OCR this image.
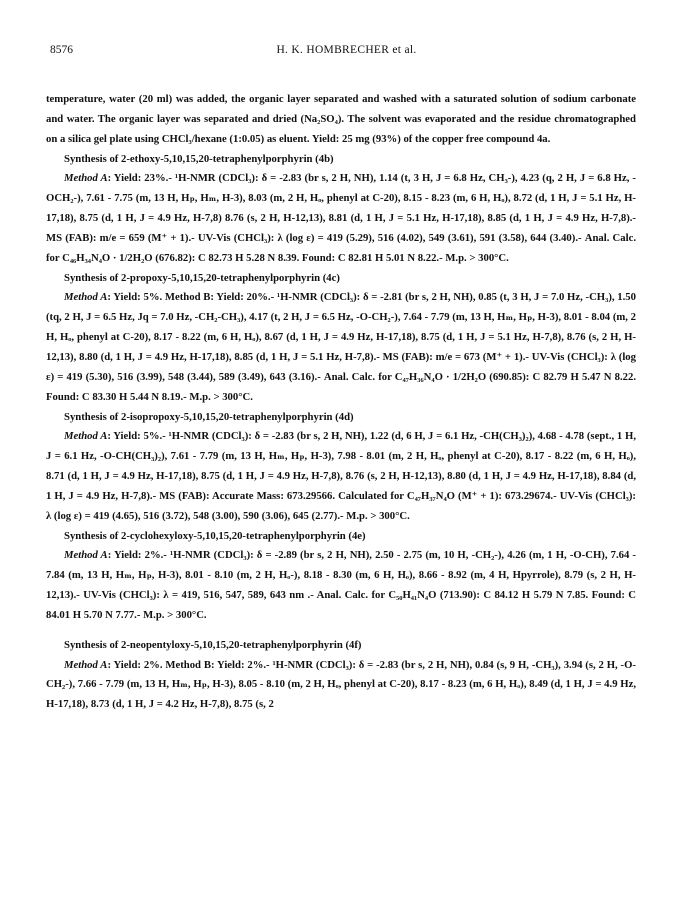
8576	H. K. HOMBRECHER et al.

temperature, water (20 ml) was added, the organic layer separated and washed with a saturated solution of sodium carbonate and water. The organic layer was separated and dried (Na₂SO₄). The solvent was evaporated and the residue chromatographed on a silica gel plate using CHCl₃/hexane (1:0.05) as eluent. Yield: 25 mg (93%) of the copper free compound 4a.

Synthesis of 2-ethoxy-5,10,15,20-tetraphenylporphyrin (4b)

Method A: Yield: 23%.- ¹H-NMR (CDCl₃): δ = -2.83 (br s, 2 H, NH), 1.14 (t, 3 H, J = 6.8 Hz, CH₃-), 4.23 (q, 2 H, J = 6.8 Hz, -OCH₂-), 7.61 - 7.75 (m, 13 H, Hₚ, Hₘ, H-3), 8.03 (m, 2 H, Hₒ, phenyl at C-20), 8.15 - 8.23 (m, 6 H, Hₒ), 8.72 (d, 1 H, J = 5.1 Hz, H-17,18), 8.75 (d, 1 H, J = 4.9 Hz, H-7,8) 8.76 (s, 2 H, H-12,13), 8.81 (d, 1 H, J = 5.1 Hz, H-17,18), 8.85 (d, 1 H, J = 4.9 Hz, H-7,8).- MS (FAB): m/e = 659 (M⁺ + 1).- UV-Vis (CHCl₃): λ (log ε) = 419 (5.29), 516 (4.02), 549 (3.61), 591 (3.58), 644 (3.40).- Anal. Calc. for C₄₆H₃₄N₄O · 1/2H₂O (676.82): C 82.73 H 5.28 N 8.39. Found: C 82.81 H 5.01 N 8.22.- M.p. > 300°C.

Synthesis of 2-propoxy-5,10,15,20-tetraphenylporphyrin (4c)

Method A: Yield: 5%. Method B: Yield: 20%.- ¹H-NMR (CDCl₃): δ = -2.81 (br s, 2 H, NH), 0.85 (t, 3 H, J = 7.0 Hz, -CH₃), 1.50 (tq, 2 H, J = 6.5 Hz, Jq = 7.0 Hz, -CH₂-CH₃), 4.17 (t, 2 H, J = 6.5 Hz, -O-CH₂-), 7.64 - 7.79 (m, 13 H, Hₘ, Hₚ, H-3), 8.01 - 8.04 (m, 2 H, Hₒ, phenyl at C-20), 8.17 - 8.22 (m, 6 H, Hₒ), 8.67 (d, 1 H, J = 4.9 Hz, H-17,18), 8.75 (d, 1 H, J = 5.1 Hz, H-7,8), 8.76 (s, 2 H, H-12,13), 8.80 (d, 1 H, J = 4.9 Hz, H-17,18), 8.85 (d, 1 H, J = 5.1 Hz, H-7,8).- MS (FAB): m/e = 673 (M⁺ + 1).- UV-Vis (CHCl₃): λ (log ε) = 419 (5.30), 516 (3.99), 548 (3.44), 589 (3.49), 643 (3.16).- Anal. Calc. for C₄₇H₃₆N₄O · 1/2H₂O (690.85): C 82.79 H 5.47 N 8.22. Found: C 83.30 H 5.44 N 8.19.- M.p. > 300°C.

Synthesis of 2-isopropoxy-5,10,15,20-tetraphenylporphyrin (4d)

Method A: Yield: 5%.- ¹H-NMR (CDCl₃): δ = -2.83 (br s, 2 H, NH), 1.22 (d, 6 H, J = 6.1 Hz, -CH(CH₃)₂), 4.68 - 4.78 (sept., 1 H, J = 6.1 Hz, -O-CH(CH₃)₂), 7.61 - 7.79 (m, 13 H, Hₘ, Hₚ, H-3), 7.98 - 8.01 (m, 2 H, Hₒ, phenyl at C-20), 8.17 - 8.22 (m, 6 H, Hₒ), 8.71 (d, 1 H, J = 4.9 Hz, H-17,18), 8.75 (d, 1 H, J = 4.9 Hz, H-7,8), 8.76 (s, 2 H, H-12,13), 8.80 (d, 1 H, J = 4.9 Hz, H-17,18), 8.84 (d, 1 H, J = 4.9 Hz, H-7,8).- MS (FAB): Accurate Mass: 673.29566. Calculated for C₄₇H₃₇N₄O (M⁺ + 1): 673.29674.- UV-Vis (CHCl₃): λ (log ε) = 419 (4.65), 516 (3.72), 548 (3.00), 590 (3.06), 645 (2.77).- M.p. > 300°C.

Synthesis of 2-cyclohexyloxy-5,10,15,20-tetraphenylporphyrin (4e)

Method A: Yield: 2%.- ¹H-NMR (CDCl₃): δ = -2.89 (br s, 2 H, NH), 2.50 - 2.75 (m, 10 H, -CH₂-), 4.26 (m, 1 H, -O-CH), 7.64 - 7.84 (m, 13 H, Hₘ, Hₚ, H-3), 8.01 - 8.10 (m, 2 H, Hₒ-), 8.18 - 8.30 (m, 6 H, Hₒ), 8.66 - 8.92 (m, 4 H, Hpyrrole), 8.79 (s, 2 H, H-12,13).- UV-Vis (CHCl₃): λ = 419, 516, 547, 589, 643 nm .- Anal. Calc. for C₅₀H₄₁N₄O (713.90): C 84.12 H 5.79 N 7.85. Found: C 84.01 H 5.70 N 7.77.- M.p. > 300°C.

Synthesis of 2-neopentyloxy-5,10,15,20-tetraphenylporphyrin (4f)

Method A: Yield: 2%. Method B: Yield: 2%.- ¹H-NMR (CDCl₃): δ = -2.83 (br s, 2 H, NH), 0.84 (s, 9 H, -CH₃), 3.94 (s, 2 H, -O-CH₂-), 7.66 - 7.79 (m, 13 H, Hₘ, Hₚ, H-3), 8.05 - 8.10 (m, 2 H, Hₒ, phenyl at C-20), 8.17 - 8.23 (m, 6 H, Hₒ), 8.49 (d, 1 H, J = 4.9 Hz, H-17,18), 8.73 (d, 1 H, J = 4.2 Hz, H-7,8), 8.75 (s, 2
